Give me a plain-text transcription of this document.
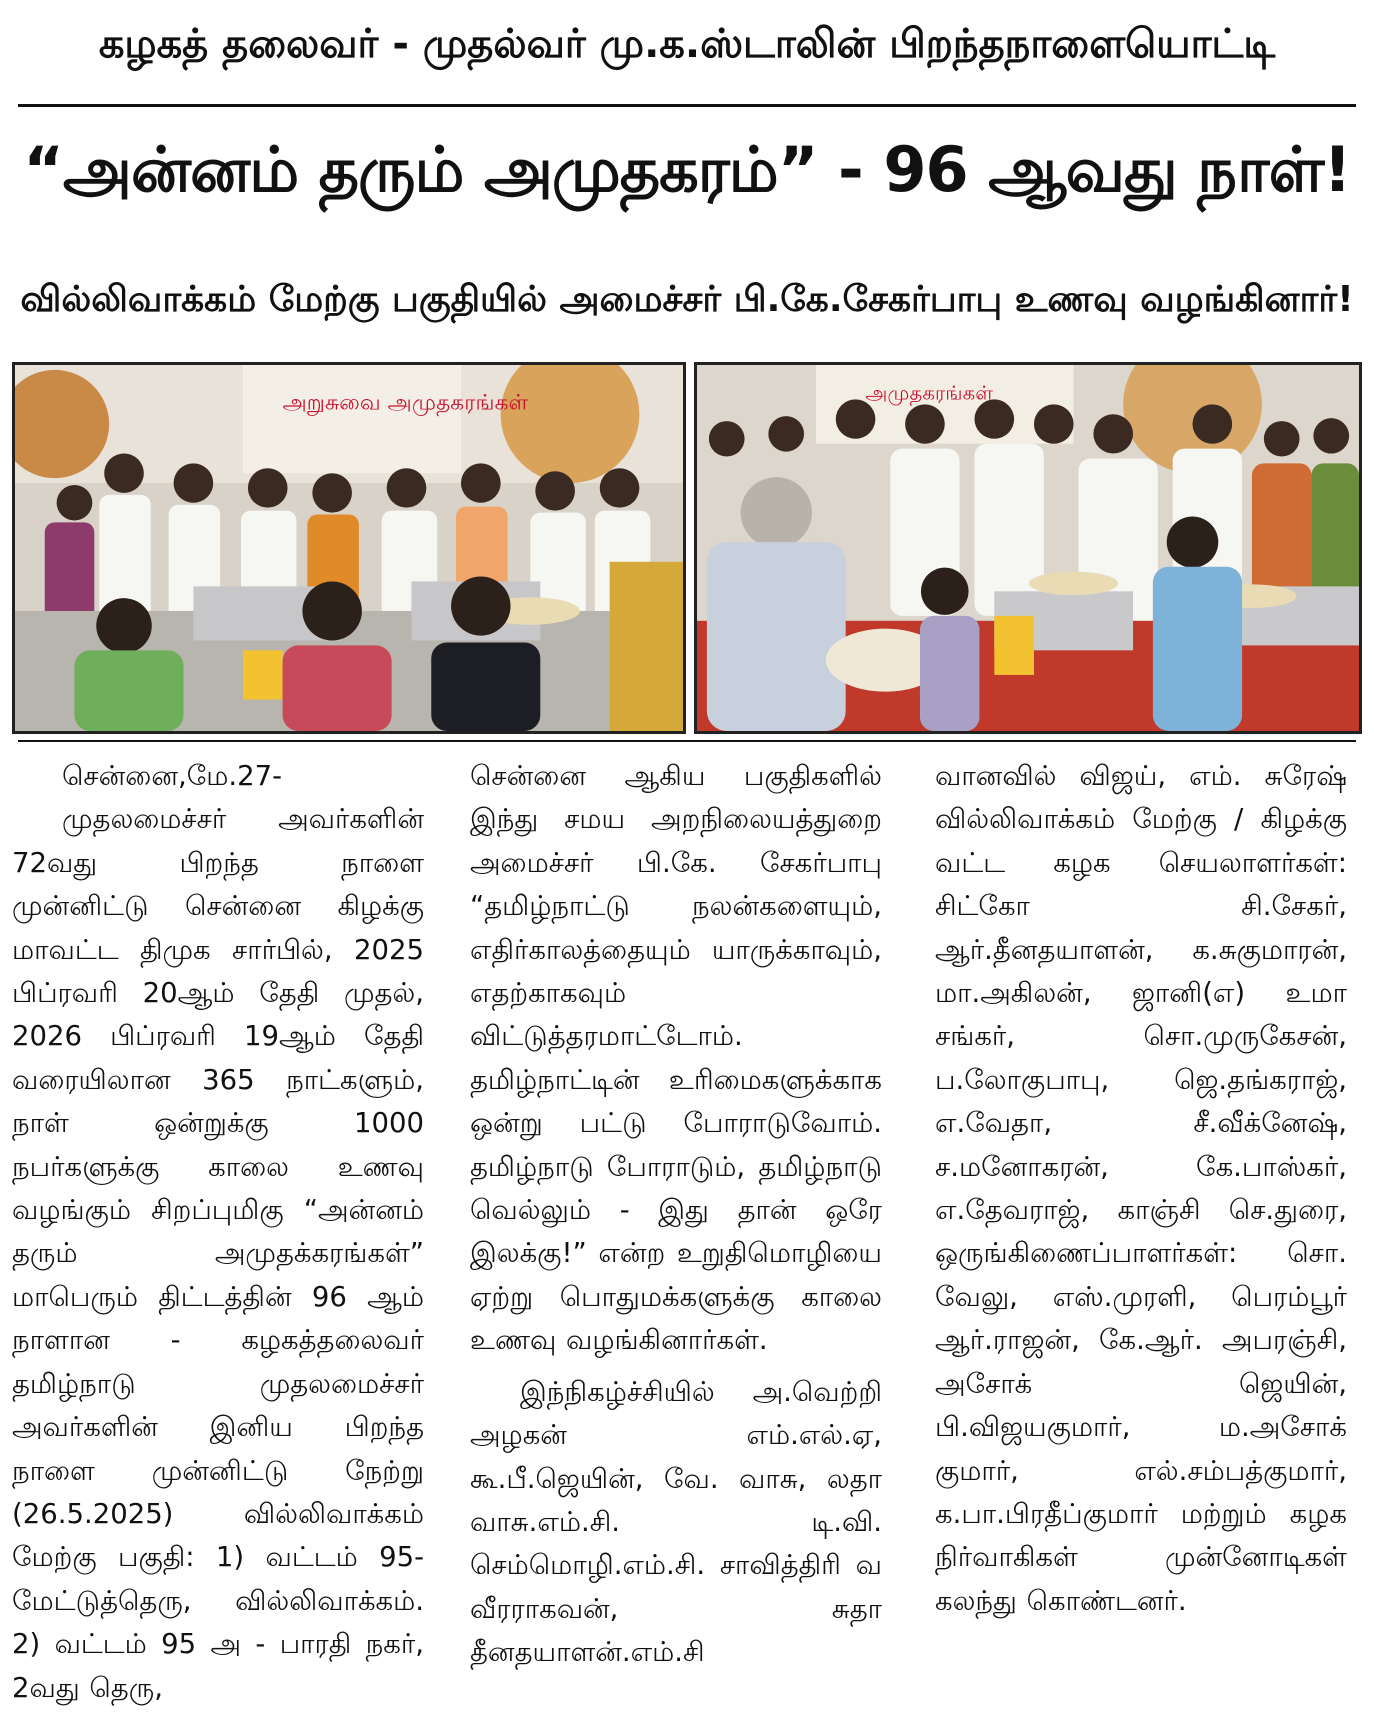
கழகத் தலைவர் - முதல்வர் மு.க.ஸ்டாலின் பிறந்தநாளையொட்டி
“அன்னம் தரும் அமுதகரம்” - 96 ஆவது நாள்!
வில்லிவாக்கம் மேற்கு பகுதியில் அமைச்சர் பி.கே.சேகர்பாபு உணவு வழங்கினார்!
அறுசுவை அமுதகரங்கள்	அமுதகரங்கள்

சென்னை,மே.27-

முதலமைச்சர் அவர்களின் 72வது பிறந்த நாளை முன்னிட்டு சென்னை கிழக்கு மாவட்ட திமுக சார்பில், 2025 பிப்ரவரி 20ஆம் தேதி முதல், 2026 பிப்ரவரி 19ஆம் தேதி வரையிலான 365 நாட்களும், நாள் ஒன்றுக்கு 1000 நபர்களுக்கு காலை உணவு வழங்கும் சிறப்புமிகு “அன்னம் தரும் அமுதக்கரங்கள்” மாபெரும் திட்டத்தின் 96 ஆம் நாளான - கழகத்தலைவர் தமிழ்நாடு முதலமைச்சர் அவர்களின் இனிய பிறந்த நாளை முன்னிட்டு நேற்று (26.5.2025) வில்லிவாக்கம் மேற்கு பகுதி: 1) வட்டம் 95- மேட்டுத்தெரு, வில்லிவாக்கம். 2) வட்டம் 95 அ - பாரதி நகர், 2வது தெரு,

சென்னை ஆகிய பகுதிகளில் இந்து சமய அறநிலையத்துறை அமைச்சர் பி.கே. சேகர்பாபு “தமிழ்நாட்டு நலன்களையும், எதிர்காலத்தையும் யாருக்காவும், எதற்காகவும் விட்டுத்தரமாட்டோம். தமிழ்நாட்டின் உரிமைகளுக்காக ஒன்று பட்டு போராடுவோம். தமிழ்நாடு போராடும், தமிழ்நாடு வெல்லும் - இது தான் ஒரே இலக்கு!” என்ற உறுதிமொழியை ஏற்று பொதுமக்களுக்கு காலை உணவு வழங்கினார்கள்.

இந்நிகழ்ச்சியில் அ.வெற்றி அழகன் எம்.எல்.ஏ, கூ.பீ.ஜெயின், வே. வாசு, லதா வாசு.எம்.சி. டி.வி. செம்மொழி.எம்.சி. சாவித்திரி வ வீரராகவன், சுதா தீனதயாளன்.எம்.சி

வானவில் விஜய், எம். சுரேஷ் வில்லிவாக்கம் மேற்கு / கிழக்கு வட்ட கழக செயலாளர்கள்: சிட்கோ சி.சேகர், ஆர்.தீனதயாளன், க.சுகுமாரன், மா.அகிலன், ஜானி(எ) உமா சங்கர், சொ.முருகேசன், ப.லோகுபாபு, ஜெ.தங்கராஜ், எ.வேதா, சீ.வீக்னேஷ், ச.மனோகரன், கே.பாஸ்கர், எ.தேவராஜ், காஞ்சி செ.துரை, ஒருங்கிணைப்பாளர்கள்: சொ. வேலு, எஸ்.முரளி, பெரம்பூர் ஆர்.ராஜன், கே.ஆர். அபரஞ்சி, அசோக் ஜெயின், பி.விஜயகுமார், ம.அசோக் குமார், எல்.சம்பத்குமார், க.பா.பிரதீப்குமார் மற்றும் கழக நிர்வாகிகள் முன்னோடிகள் கலந்து கொண்டனர்.
